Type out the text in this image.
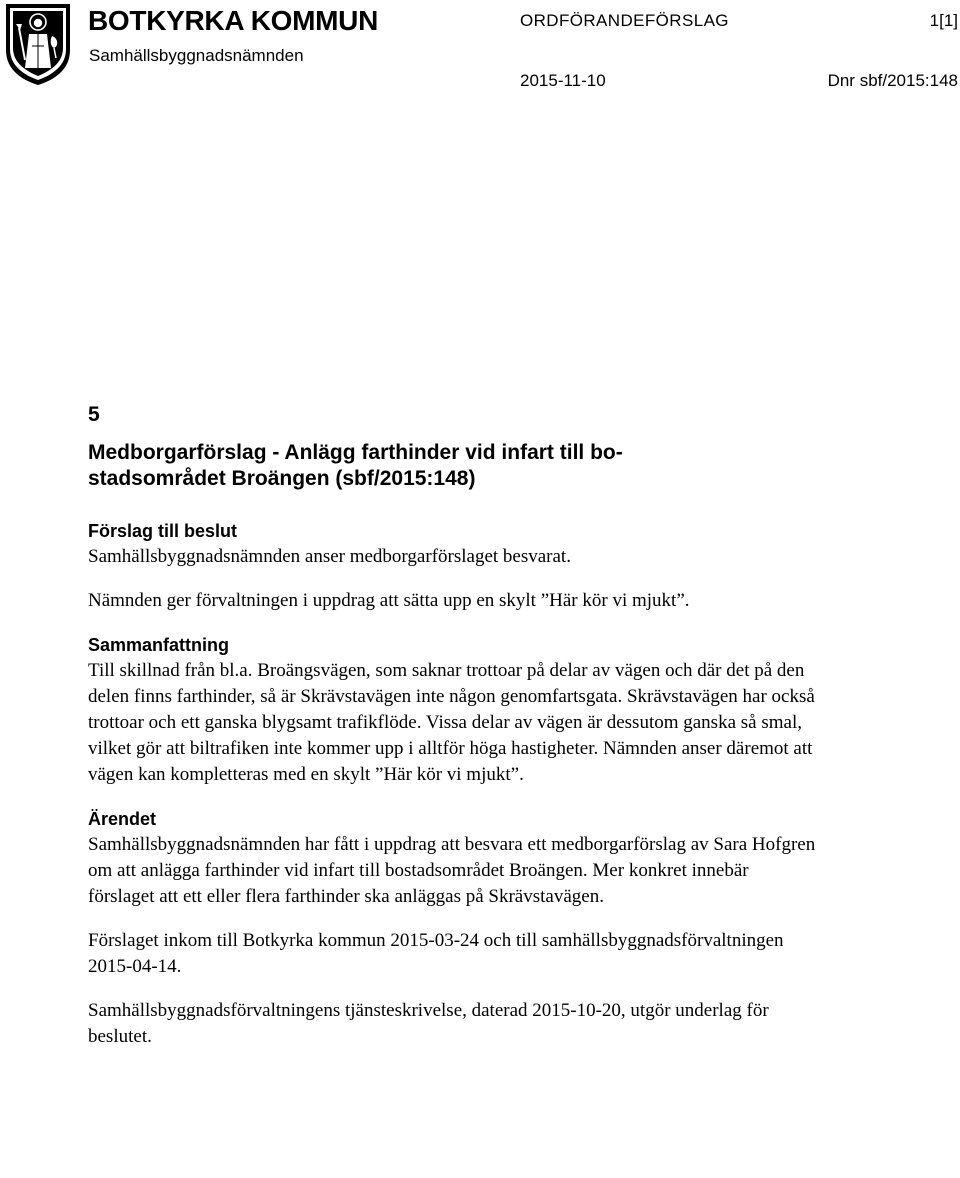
BOTKYRKA KOMMUN
Samhällsbyggnadsnämnden
ORDFÖRANDEFÖRSLAG	1[1]
2015-11-10	Dnr sbf/2015:148
5
Medborgarförslag - Anlägg farthinder vid infart till bo-
stadsområdet Broängen (sbf/2015:148)
Förslag till beslut

Samhällsbyggnadsnämnden anser medborgarförslaget besvarat.

Nämnden ger förvaltningen i uppdrag att sätta upp en skylt ”Här kör vi mjukt”.

Sammanfattning

Till skillnad från bl.a. Broängsvägen, som saknar trottoar på delar av vägen och där det på den delen finns farthinder, så är Skrävstavägen inte någon genomfartsgata. Skrävstavägen har också trottoar och ett ganska blygsamt trafikflöde. Vissa delar av vägen är dessutom ganska så smal, vilket gör att biltrafiken inte kommer upp i alltför höga hastigheter. Nämnden anser däremot att vägen kan kompletteras med en skylt ”Här kör vi mjukt”.

Ärendet

Samhällsbyggnadsnämnden har fått i uppdrag att besvara ett medborgarförslag av Sara Hofgren om att anlägga farthinder vid infart till bostadsområdet Broängen. Mer konkret innebär förslaget att ett eller flera farthinder ska anläggas på Skrävstavägen.

Förslaget inkom till Botkyrka kommun 2015-03-24 och till samhällsbyggnadsförvaltningen 2015-04-14.

Samhällsbyggnadsförvaltningens tjänsteskrivelse, daterad 2015-10-20, utgör underlag för beslutet.
